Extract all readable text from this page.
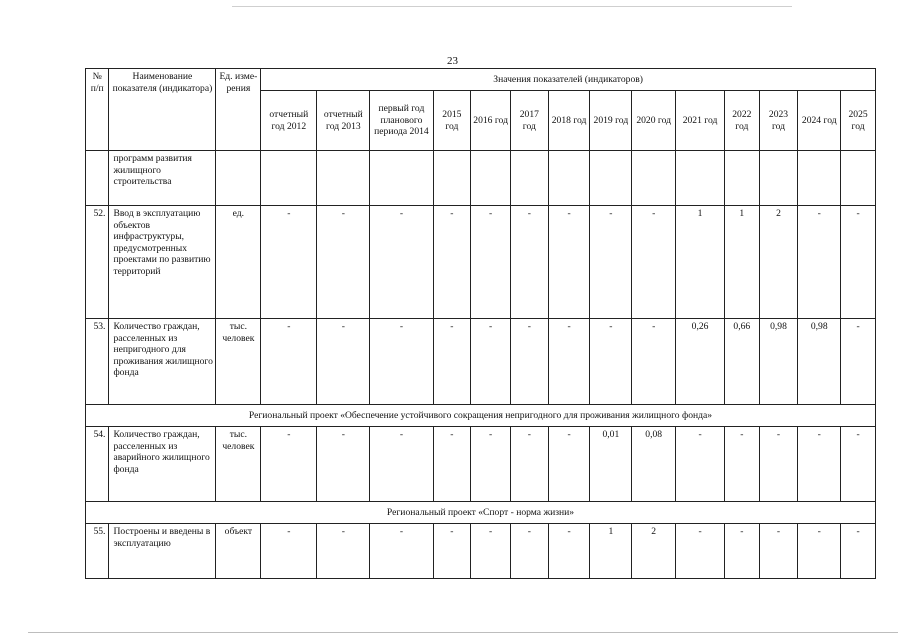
23
№ п/п	Наименование показателя (индикатора)	Ед. изме-рения	Значения показателей (индикаторов)													
			отчетный год 2012	отчетный год 2013	первый год планового периода 2014	2015 год	2016 год	2017 год	2018 год	2019 год	2020 год	2021 год	2022 год	2023 год	2024 год	2025 год
	программ развития жилищного строительства															
52.	Ввод в эксплуатацию объектов инфраструктуры, предусмотренных проектами по развитию территорий	ед.	-	-	-	-	-	-	-	-	-	1	1	2	-	-
53.	Количество граждан, расселенных из непригодного для проживания жилищного фонда	тыс. человек	-	-	-	-	-	-	-	-	-	0,26	0,66	0,98	0,98	-
Региональный проект «Обеспечение устойчивого сокращения непригодного для проживания жилищного фонда»																
54.	Количество граждан, расселенных из аварийного жилищного фонда	тыс. человек	-	-	-	-	-	-	-	0,01	0,08	-	-	-	-	-
Региональный проект «Спорт - норма жизни»																
55.	Построены и введены в эксплуатацию	объект	-	-	-	-	-	-	-	1	2	-	-	-	-	-
